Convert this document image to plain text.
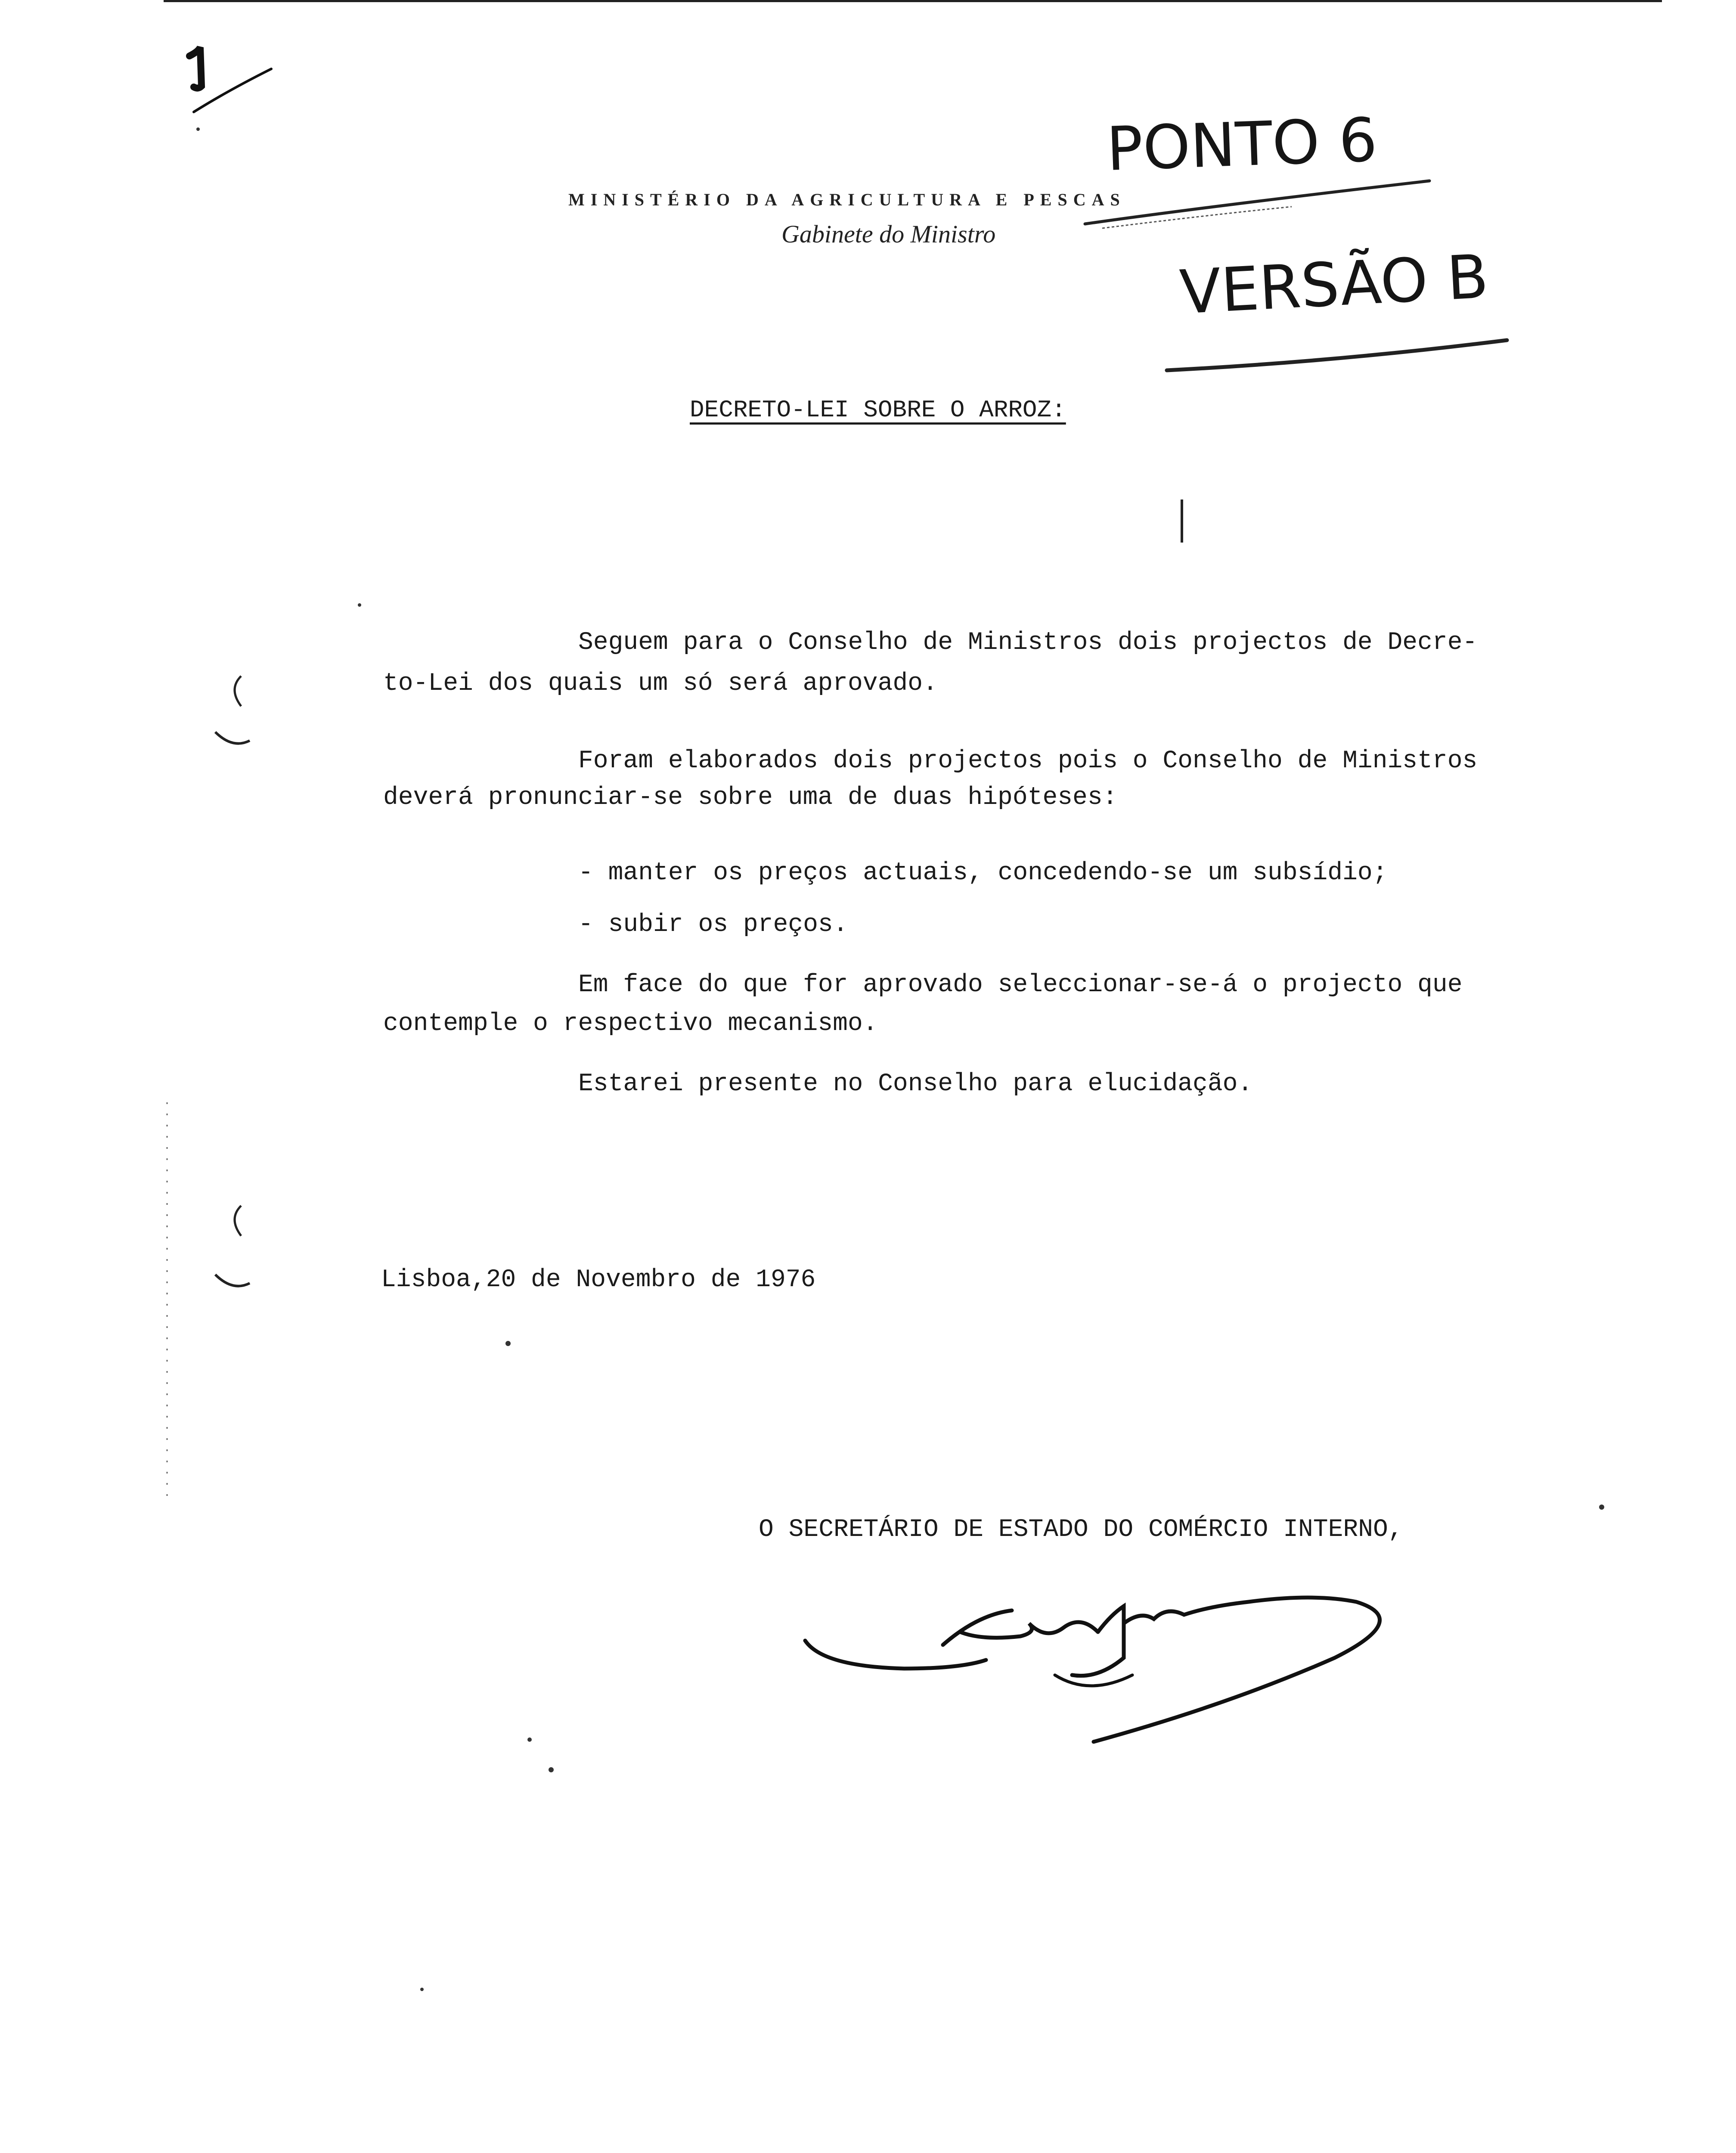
MINISTÉRIO DA AGRICULTURA E PESCAS
Gabinete do Ministro
PONTO 6
VERSÃO B
DECRETO-LEI SOBRE O ARROZ:
Seguem para o Conselho de Ministros dois projectos de Decre-
to-Lei dos quais um só será aprovado.
Foram elaborados dois projectos pois o Conselho de Ministros
deverá pronunciar-se sobre uma de duas hipóteses:
- manter os preços actuais, concedendo-se um subsídio;
- subir os preços.
Em face do que for aprovado seleccionar-se-á o projecto que
contemple o respectivo mecanismo.
Estarei presente no Conselho para elucidação.
Lisboa,20 de Novembro de 1976
O SECRETÁRIO DE ESTADO DO COMÉRCIO INTERNO,
